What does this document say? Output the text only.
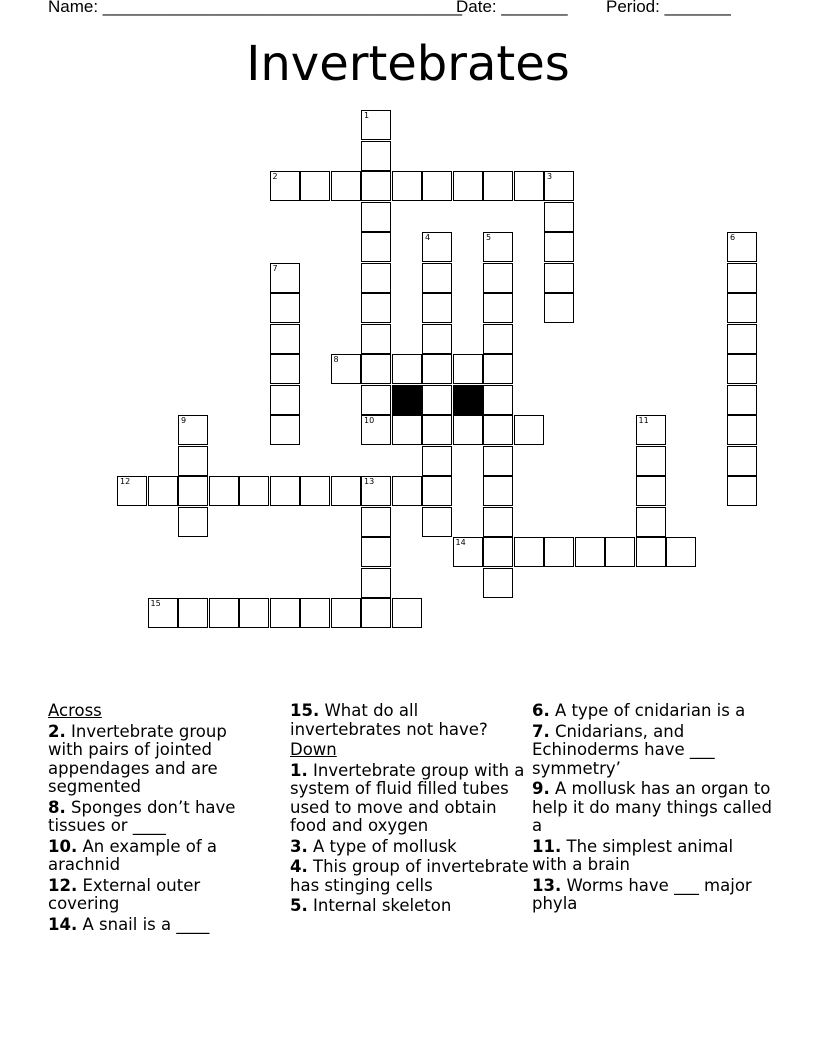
Name: ______________________________________
Date: _______ Period: _______
Invertebrates
1
2	3
4	5	6
7
8
9	10	11
12	13
14
15
Across
2. Invertebrate group with pairs of jointed appendages and are segmented
8. Sponges don’t have tissues or ____
10. An example of a arachnid
12. External outer covering
14. A snail is a ____
15. What do all invertebrates not have?
Down
1. Invertebrate group with a system of fluid filled tubes used to move and obtain food and oxygen
3. A type of mollusk
4. This group of invertebrate has stinging cells
5. Internal skeleton
6. A type of cnidarian is a
7. Cnidarians, and Echinoderms have ___ symmetry’
9. A mollusk has an organ to help it do many things called a
11. The simplest animal with a brain
13. Worms have ___ major phyla
